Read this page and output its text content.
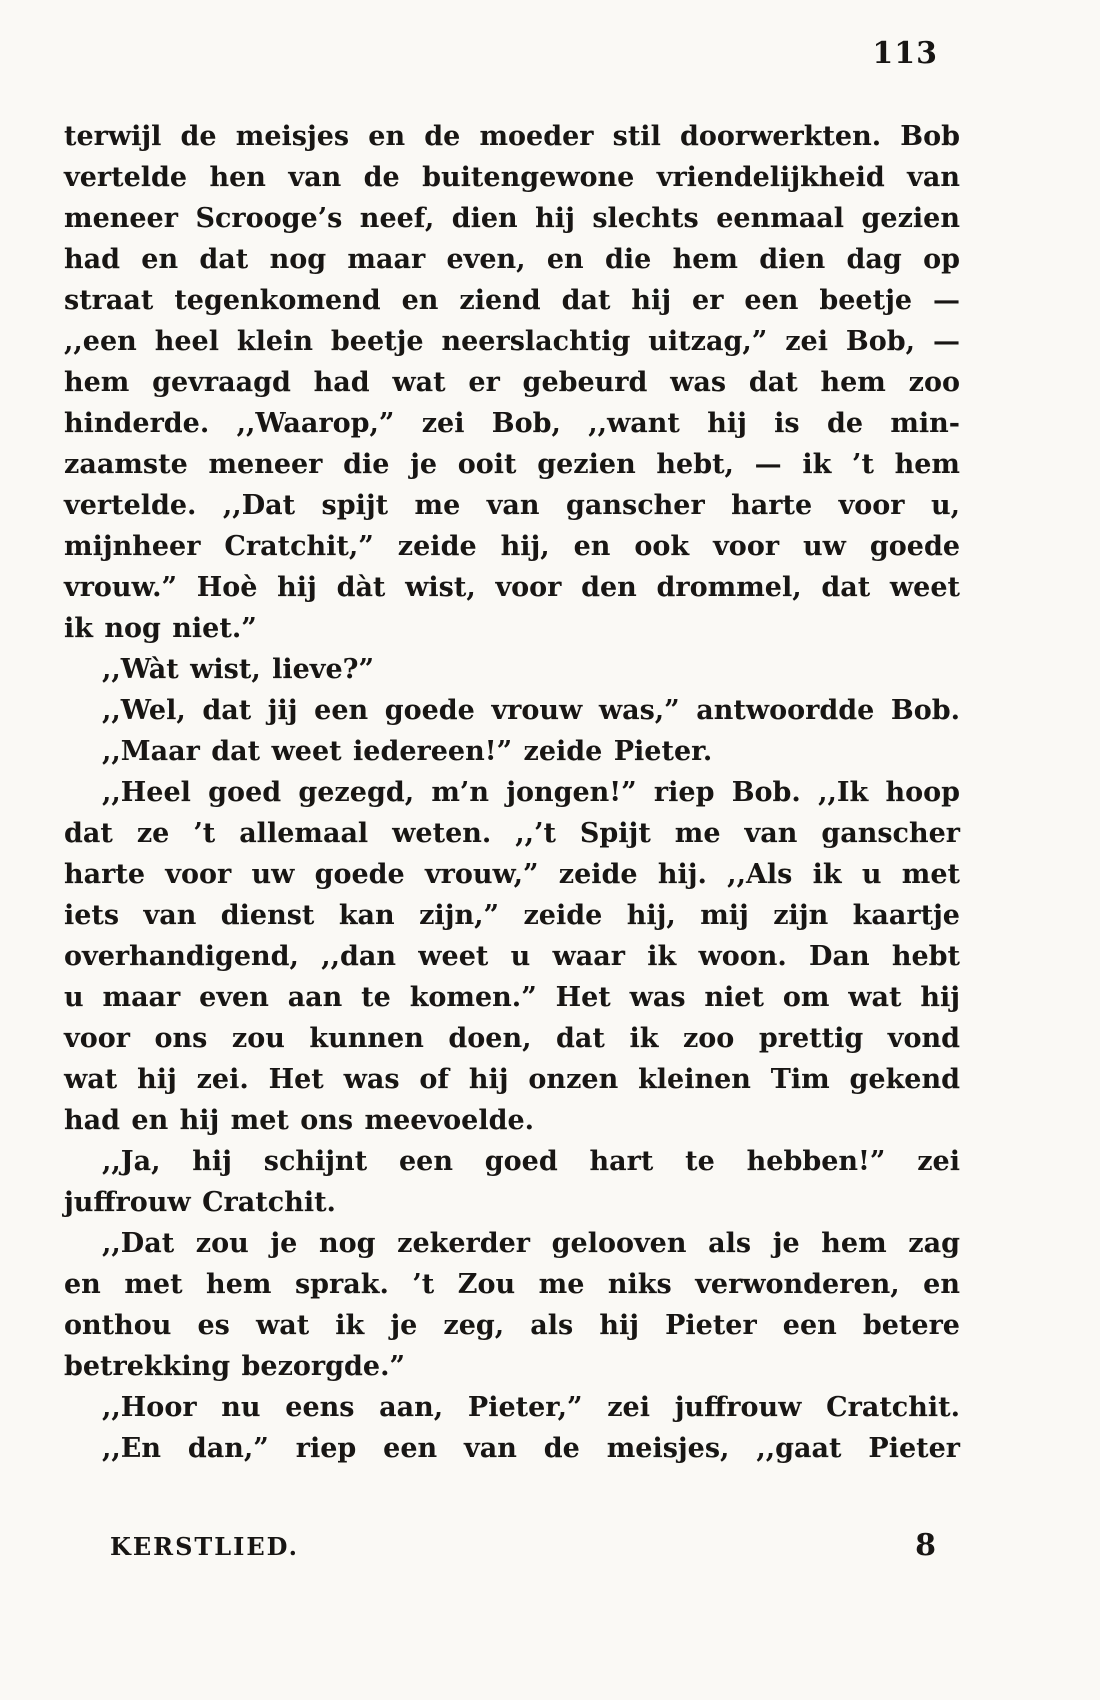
113
terwijl de meisjes en de moeder stil doorwerkten. Bob
vertelde hen van de buitengewone vriendelijkheid van
meneer Scrooge’s neef, dien hij slechts eenmaal gezien
had en dat nog maar even, en die hem dien dag op
straat tegenkomend en ziend dat hij er een beetje —
,,een heel klein beetje neerslachtig uitzag,” zei Bob, —
hem gevraagd had wat er gebeurd was dat hem zoo
hinderde. ,,Waarop,” zei Bob, ,,want hij is de min-
zaamste meneer die je ooit gezien hebt, — ik ’t hem
vertelde. ,,Dat spijt me van ganscher harte voor u,
mijnheer Cratchit,” zeide hij, en ook voor uw goede
vrouw.” Hoè hij dàt wist, voor den drommel, dat weet
ik nog niet.”
,,Wàt wist, lieve?”
,,Wel, dat jij een goede vrouw was,” antwoordde Bob.
,,Maar dat weet iedereen!” zeide Pieter.
,,Heel goed gezegd, m’n jongen!” riep Bob. ,,Ik hoop
dat ze ’t allemaal weten. ,,’t Spijt me van ganscher
harte voor uw goede vrouw,” zeide hij. ,,Als ik u met
iets van dienst kan zijn,” zeide hij, mij zijn kaartje
overhandigend, ,,dan weet u waar ik woon. Dan hebt
u maar even aan te komen.” Het was niet om wat hij
voor ons zou kunnen doen, dat ik zoo prettig vond
wat hij zei. Het was of hij onzen kleinen Tim gekend
had en hij met ons meevoelde.
,,Ja, hij schijnt een goed hart te hebben!” zei
juffrouw Cratchit.
,,Dat zou je nog zekerder gelooven als je hem zag
en met hem sprak. ’t Zou me niks verwonderen, en
onthou es wat ik je zeg, als hij Pieter een betere
betrekking bezorgde.”
,,Hoor nu eens aan, Pieter,” zei juffrouw Cratchit.
,,En dan,” riep een van de meisjes, ,,gaat Pieter
KERSTLIED.	8
